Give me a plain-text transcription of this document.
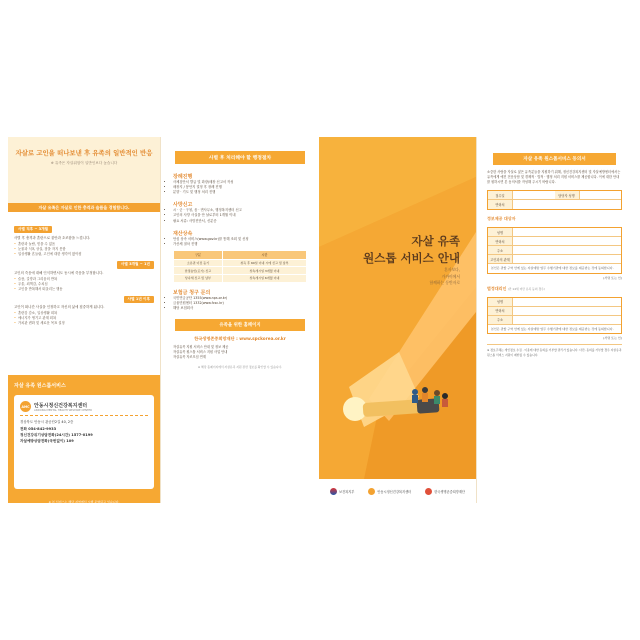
자살로 고인을 떠나보낸 후 유족의 일반적인 반응
※ 유족은 자살위험이 일반인보다 높습니다
자살 유족은 자살로 인한 충격과 슬픔을 경험합니다.
사별 직후 ~ 3개월
사별 후 충격과 혼란으로 불안과 초조함을 느낍니다.
• 혼란과 놀람, 믿을 수 없음
• 눈물과 식욕 상실, 잠을 자지 못함
• 일상생활 흔들림, 고인에 대한 생각이 많아짐
사별 3개월 ~ 1년
고인의 죽음에 대해 인식하면서도 동시에 죽음을 부정합니다.
• 슬픔, 갈망과 그리움의 반복
• 우울, 죄책감, 수치심
• 고인을 반복해서 떠올리는 행동
사별 1년 이후
고인이 떠나간 사실을 인정하고 자신의 삶에 집중하게 됩니다.
• 혼란감 감소, 일상생활 회복
• 에너지가 생기고 관계 회복
• 가치관 변화 및 새로운 목표 설정
자살 유족 원스톱서비스
AMC 안동시정신건강복지센터
ANDONG MENTAL HEALTH WELFARE CENTER
경상북도 안동시 관공단2길 40, 2층
전화 054-842-9933
정신건강위기상담전화(24시간) 1577-0199
자살예방상담전화(국번없이) 109
※ 본 서비스는 해당 지역에서 시행 운영되고 있습니다.
사별 후 처리해야 할 행정절차
장례진행
• 사체검안서 발급 및 화장/매장 신고서 작성
• 매장지 / 봉안지 결정 후 장례 진행
• 분향 · 기도 및 행정 처리 진행
사망신고
• 시 · 군 · 구청, 읍 · 면사무소, 행정복지센터 신고
• 고인의 사망 사실을 안 날로부터 1개월 이내
• 필요 서류: 사망진단서, 신분증
재산상속
• 안심 상속 서비스(www.gov.kr)를 통해 조회 및 신청
• 가산세 절차 진행
구분	시한
소유권 이전 등기	취득 후 60일 이내 시에 신고 및 납부
한정승인(포기) 신고	상속개시일 3개월 이내
상속세 신고 및 납부	상속개시일 6개월 이내
보험금 청구 문의
• 국민연금공단 1355(www.nps.or.kr)
• 금융민원센터 1332(www.fcsc.kr)
• 해당 보험회사
유족을 위한 홈페이지
한국생명존중희망재단 : www.spckorea.or.kr
자살유족 지원 서비스 안내 및 정보 제공
자살유족 원스톱 서비스 지원 사업 안내
자살유족 자조모임 연계
※ 해당 홈페이지에서 자살유족 지원 관련 정보를 확인할 수 있습니다.
자살 유족
원스톱 서비스 안내
혼자보다,
가까이에서
함께하는 동반자로
보건복지부	안동시정신건강복지센터	한국생명존중희망재단
자살 유족 원스톱서비스 동의서
소중한 사람을 자살로 잃은 유족분들을 지원하기 위해, 정신건강복지센터 및 자살예방센터에서는 유족에게 예진 전문상담 및 경제적 · 법적 · 행정 처리 지원 서비스를 제공합니다. 이에 대한 안내를 원하시면 본 동의서를 작성해 주시기 바랍니다.
접수일	담당자 성명
연락처
정보제공 대상자
성명
연락처
주소
고인과의 관계
본인은 관할 구역 안에 있는 자살예방 업무 수행기관에 대한 정보를 제공받는 것에 동의합니다.
(서명 또는 인)
법정대리인 (만 14세 미만 유족 등의 경우)
성명
연락처
주소
본인은 관할 구역 안에 있는 자살예방 업무 수행기관에 대한 정보를 제공받는 것에 동의합니다.
(서명 또는 인)
※ 정보주체는 개인정보 수집 · 이용에 대한 동의를 거부할 권리가 있습니다. 다만, 동의를 거부할 경우 자살유족 원스톱 서비스 지원이 제한될 수 있습니다.
